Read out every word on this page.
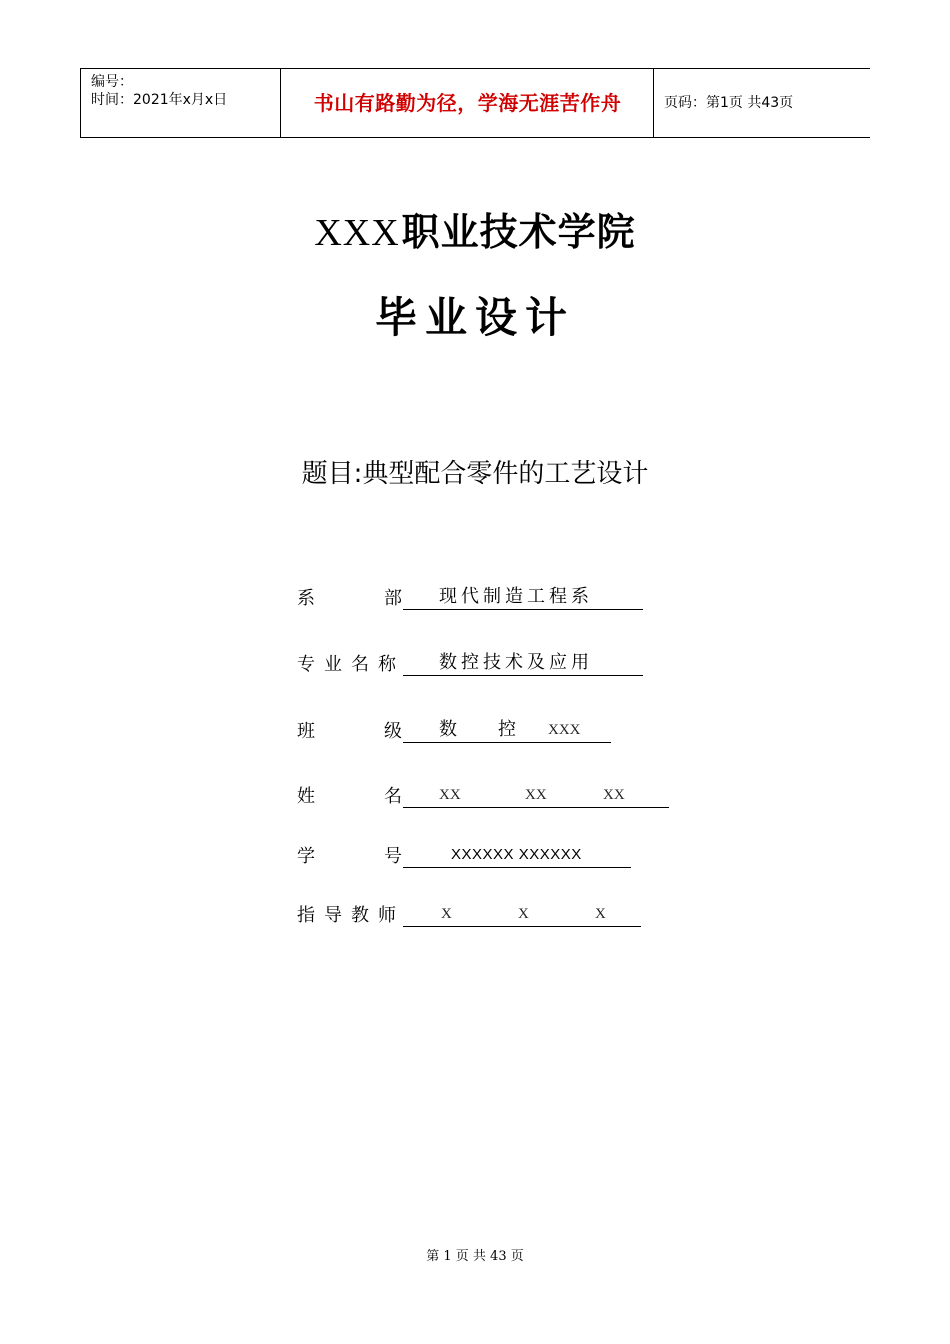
编号：
时间：2021年x月x日	书山有路勤为径，学海无涯苦作舟	页码：第1页 共43页
XXX职业技术学院
毕业设计
题目:典型配合零件的工艺设计
系	部 现代制造工程系
专业名称 数控技术及应用
班	级 数 控 XXX
姓	名 XX	XX	XX
学	号	XXXXXX XXXXXX
指导教师 X	X	X
第 1 页 共 43 页
